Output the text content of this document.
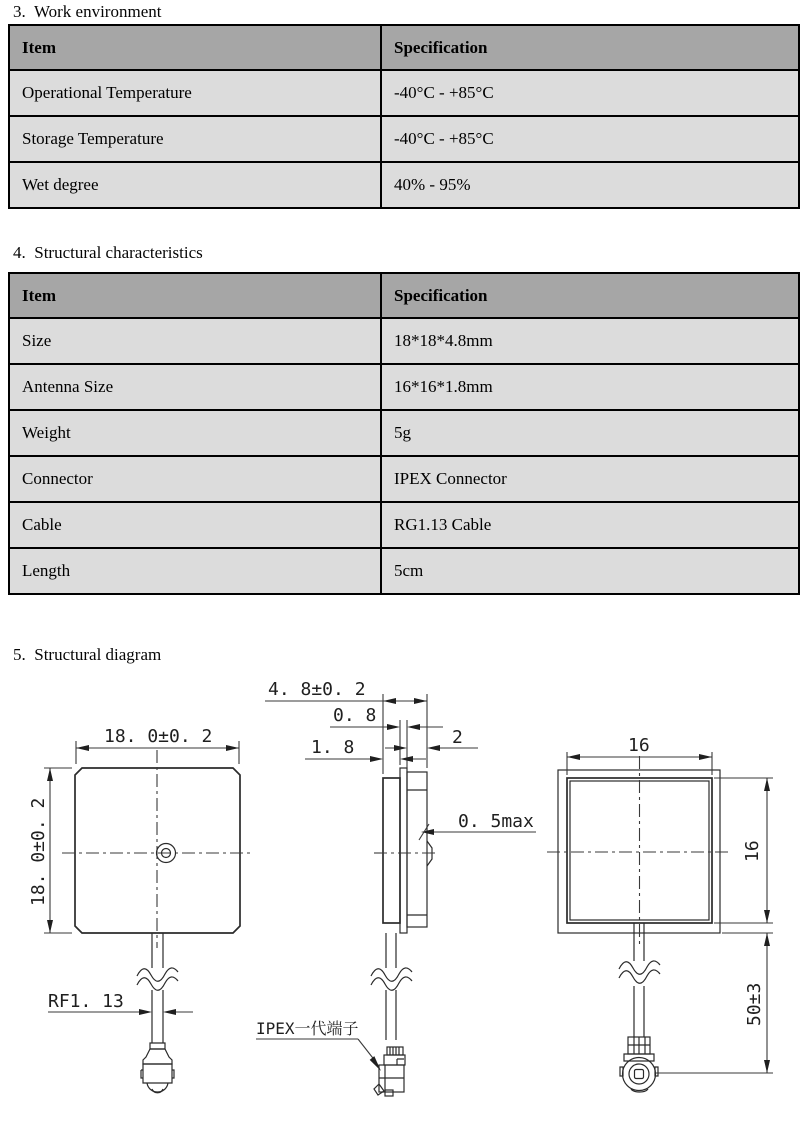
3.  Work environment
Item	Specification
Operational Temperature	-40°C - +85°C
Storage Temperature	-40°C - +85°C
Wet degree	40% - 95%
4.  Structural characteristics
Item	Specification
Size	18*18*4.8mm
Antenna Size	16*16*1.8mm
Weight	5g
Connector	IPEX Connector
Cable	RG1.13 Cable
Length	5cm
5.  Structural diagram
18. 0±0. 2
18. 0±0. 2
RF1. 13
4. 8±0. 2
0. 8
2
1. 8
0. 5max
IPEX一代端子
16
16
50±3
